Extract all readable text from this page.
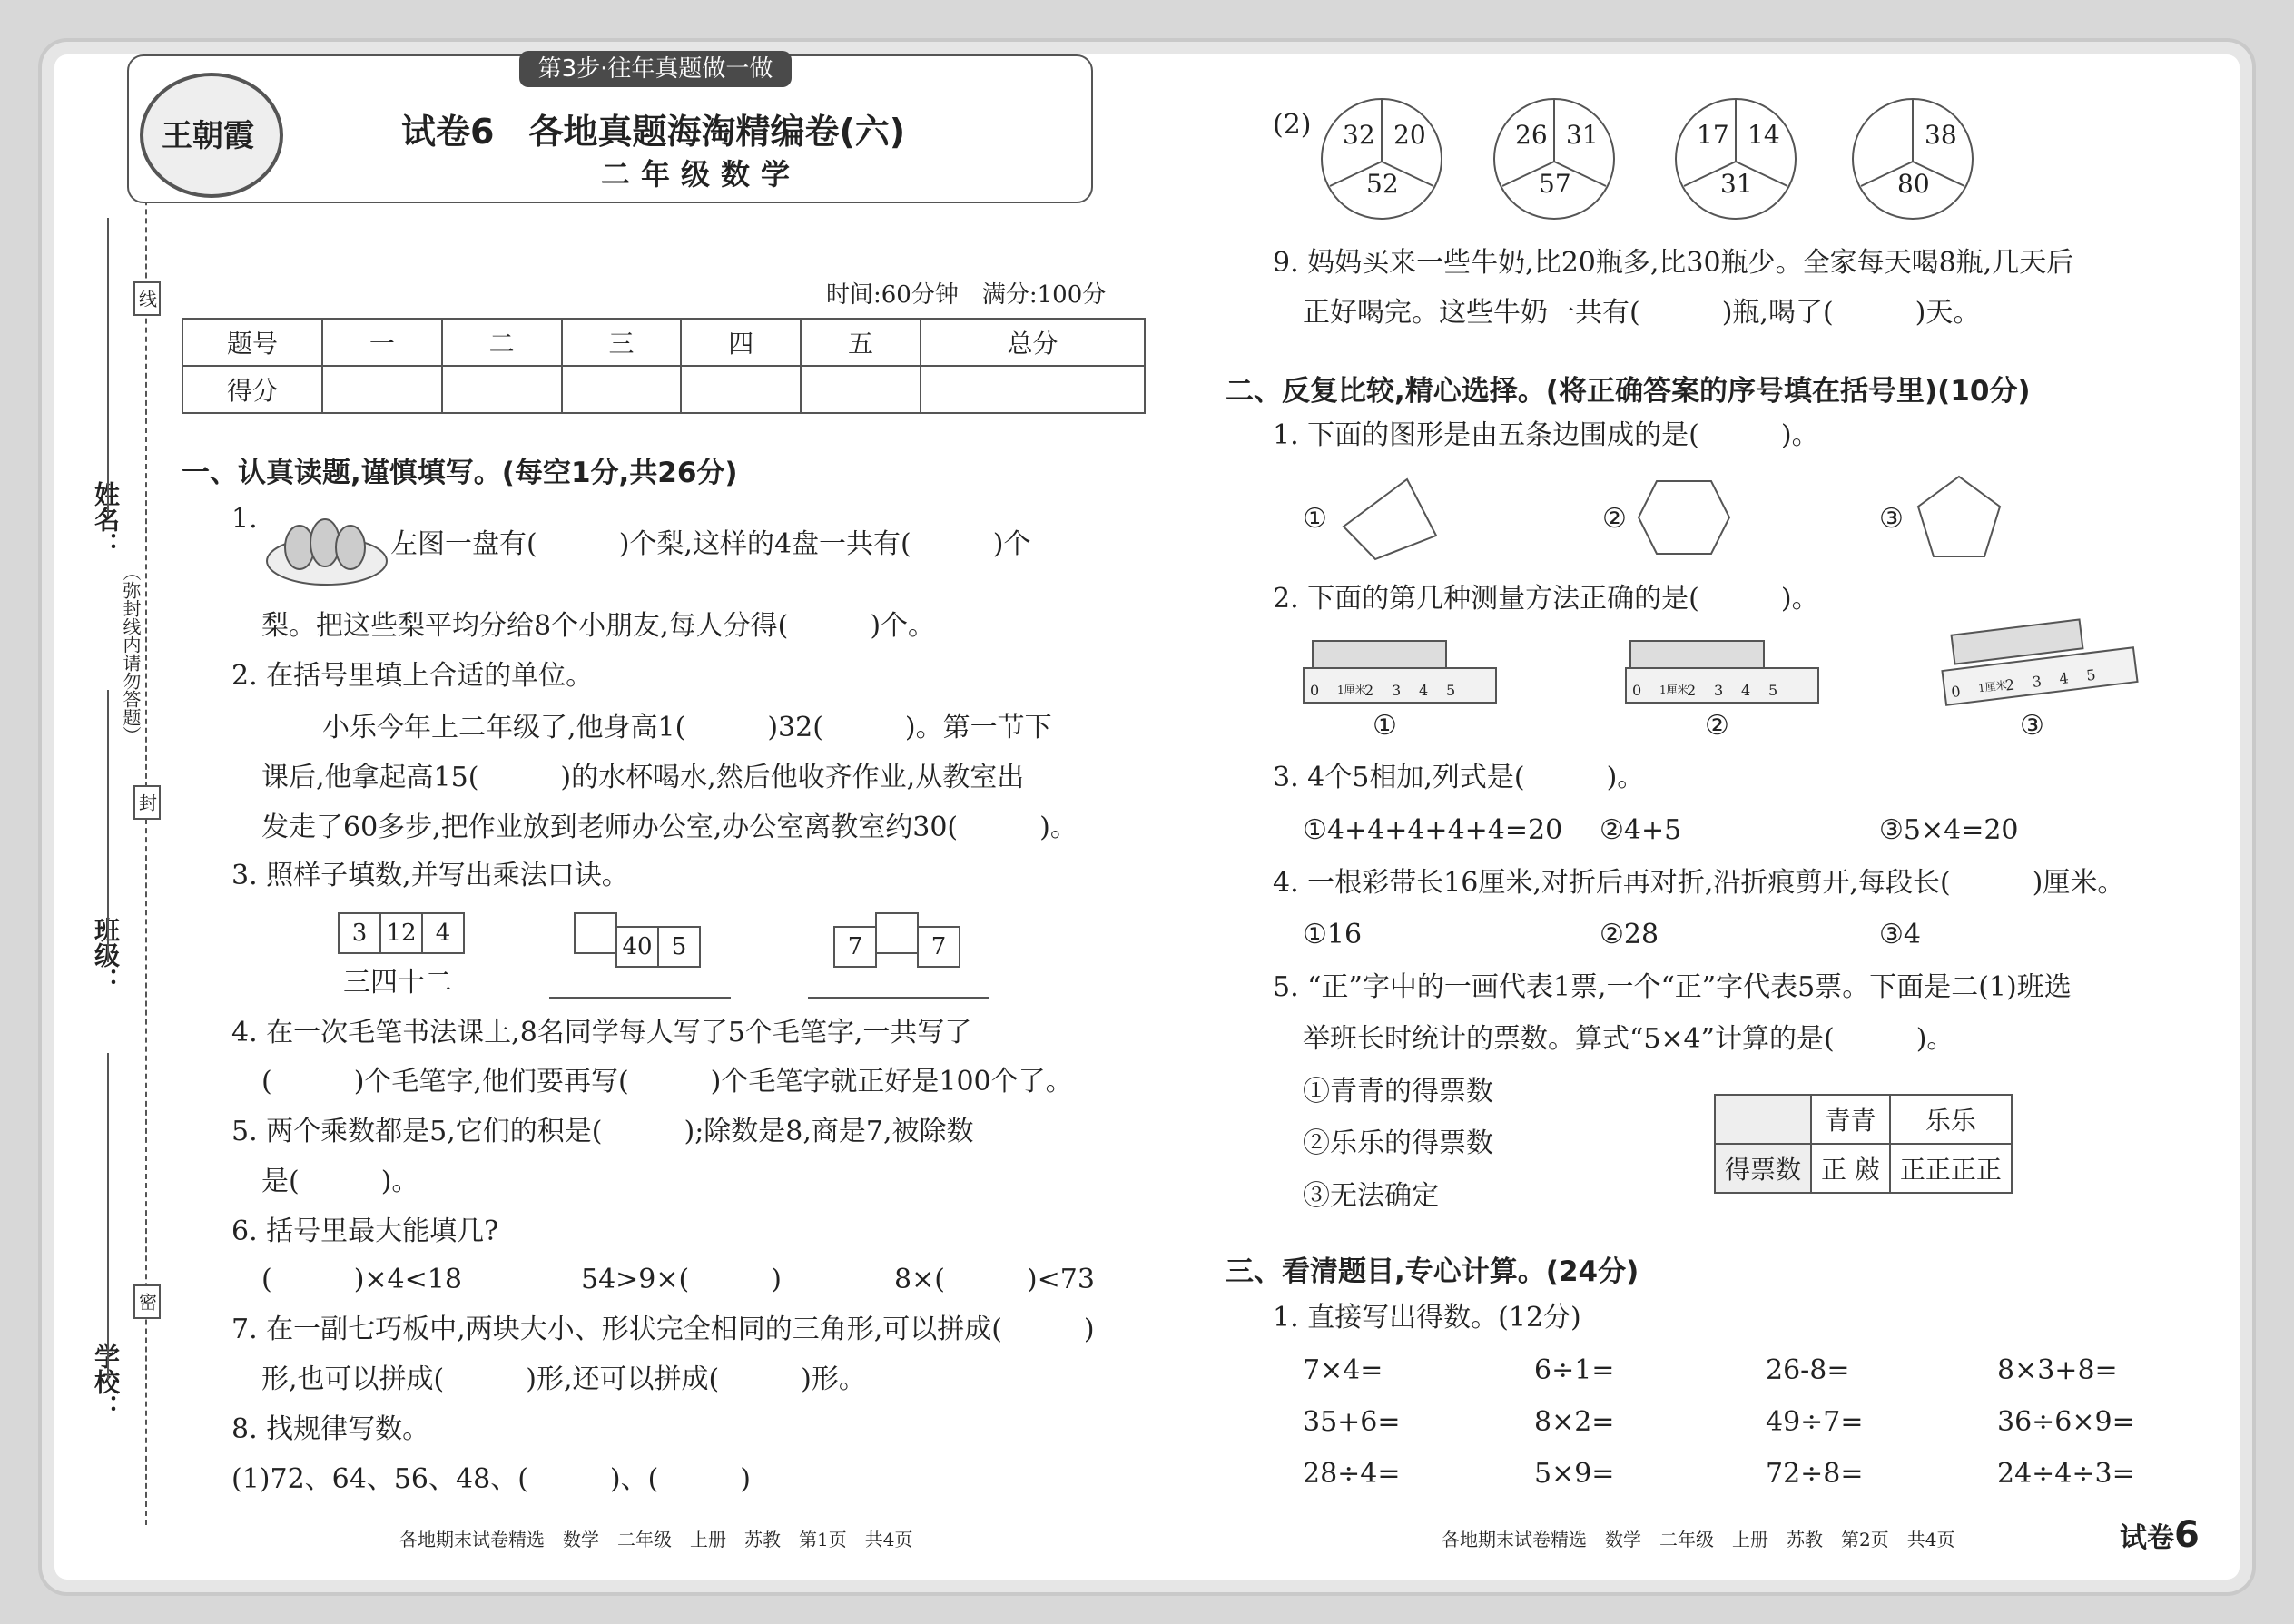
线
封
密
（弥封线内请勿答题）
姓名：
班级：
学校：
第3步·往年真题做一做
王朝霞	试卷6　各地真题海淘精编卷(六)
二年级数学
时间:60分钟　满分:100分
题号	一	二	三	四	五	总分
得分						
一、认真读题,谨慎填写。(每空1分,共26分)
1.
左图一盘有(　　　)个梨,这样的4盘一共有(　　　)个
梨。把这些梨平均分给8个小朋友,每人分得(　　　)个。
2. 在括号里填上合适的单位。
小乐今年上二年级了,他身高1(　　　)32(　　　)。第一节下
课后,他拿起高15(　　　)的水杯喝水,然后他收齐作业,从教室出
发走了60多步,把作业放到老师办公室,办公室离教室约30(　　　)。
3. 照样子填数,并写出乘法口诀。
3 12 4	40 5	7	7
三四十二
4. 在一次毛笔书法课上,8名同学每人写了5个毛笔字,一共写了
(　　　)个毛笔字,他们要再写(　　　)个毛笔字就正好是100个了。
5. 两个乘数都是5,它们的积是(　　　);除数是8,商是7,被除数
是(　　　)。
6. 括号里最大能填几?
(　　　)×4<18	54>9×(　　　)	8×(　　　)<73
7. 在一副七巧板中,两块大小、形状完全相同的三角形,可以拼成(　　　)
形,也可以拼成(　　　)形,还可以拼成(　　　)形。
8. 找规律写数。
(1)72、64、56、48、(　　　)、(　　　)
各地期末试卷精选　数学　二年级　上册　苏教　第1页　共4页
(2) 32 20
52
26 31
57
17 14
31
38
80
9. 妈妈买来一些牛奶,比20瓶多,比30瓶少。全家每天喝8瓶,几天后
正好喝完。这些牛奶一共有(　　　)瓶,喝了(　　　)天。
二、反复比较,精心选择。(将正确答案的序号填在括号里)(10分)
1. 下面的图形是由五条边围成的是(　　　)。
①	②	③
2. 下面的第几种测量方法正确的是(　　　)。
0 1厘米
2 3 4 5
①
0 1厘米
2 3 4 5
②
0 1厘米
2 3 4 5
③
3. 4个5相加,列式是(　　　)。
①4+4+4+4+4=20 ②4+5	③5×4=20
4. 一根彩带长16厘米,对折后再对折,沿折痕剪开,每段长(　　　)厘米。
①16	②28	③4
5. “正”字中的一画代表1票,一个“正”字代表5票。下面是二(1)班选
举班长时统计的票数。算式“5×4”计算的是(　　　)。
①青青的得票数
②乐乐的得票数
③无法确定
	青青	乐乐
得票数	正 㪐	正正正正
三、看清题目,专心计算。(24分)
1. 直接写出得数。(12分)
7×4=	6÷1=	26-8=	8×3+8=
35+6=	8×2=	49÷7=	36÷6×9=
28÷4=	5×9=	72÷8=	24÷4÷3=
各地期末试卷精选　数学　二年级　上册　苏教　第2页　共4页	试卷6
